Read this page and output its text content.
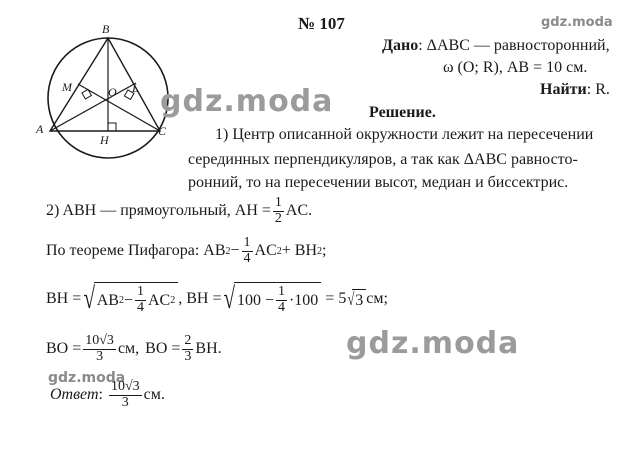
B
M	L
O
A
H
C
№ 107	gdz.moda
Дано: ΔABC — равносторонний,
ω (O; R), AB = 10 см.
Найти: R.
gdz.moda Решение.
1) Центр описанной окружности лежит на пересечении
серединных перпендикуляров, а так как ΔABC равносто-
ронний, то на пересечении высот, медиан и биссектрис.
2) ABH — прямоугольный, AH = $\frac{1}{2}$ AC.
По теореме Пифагора: AB $2 - \frac{1}{4}$ AC 2 + BH 2 ;
BH = √ AB $2 - \frac{1}{4}$ AC 2 , BH = √ $100 - \frac{1}{4} \cdot 100 = 5$ √ 3 см;
gdz.moda
BO = $\frac{10√3}{3}$ см, BO = $\frac{2}{3}$ BH.
gdz.moda
Ответ : $\frac{10√3}{3}$ см.
